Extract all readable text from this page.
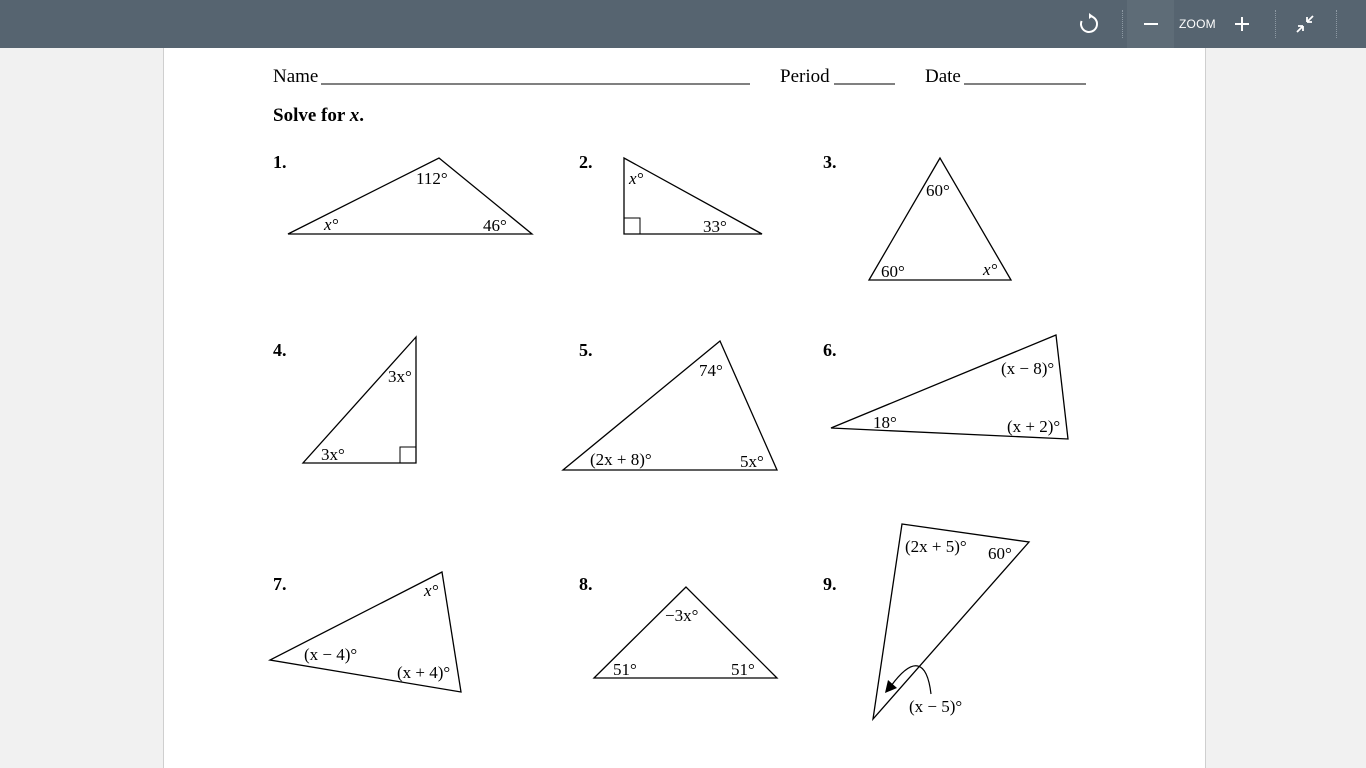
ZOOM
Name	Period	Date
Solve for x.
1.
112°
x°	46°
2.
x°
33°
3.
60°
60°	x°
4.
3x°
3x°
5.
74°
(2x + 8)°	5x°
6.
(x − 8)°
18°	(x + 2)°
7.	x°
(x − 4)°
(x + 4)°
8.
−3x°
51°	51°
9.
(2x + 5)° 60°
(x − 5)°
